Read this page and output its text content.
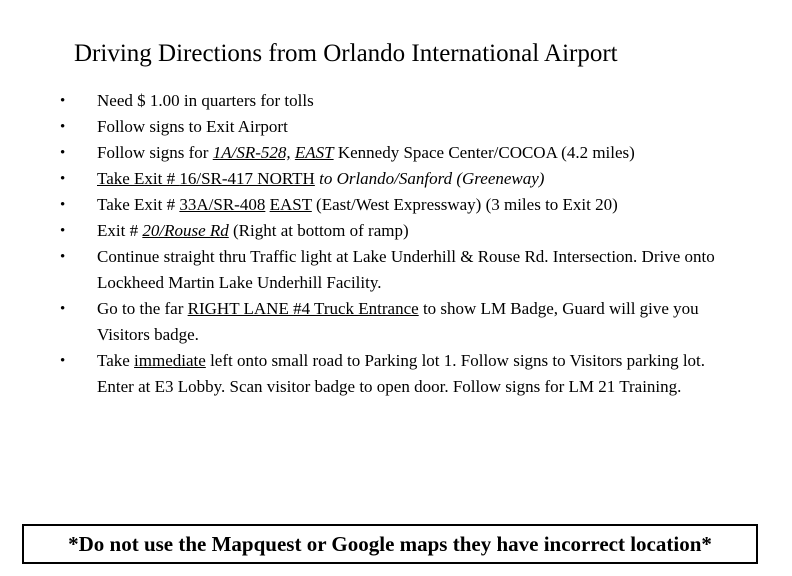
Driving Directions from Orlando International Airport
•	Need $ 1.00 in quarters for tolls
•	Follow signs to Exit Airport
•	Follow signs for 1A/SR-528, EAST Kennedy Space Center/COCOA (4.2 miles)
•	Take Exit # 16/SR-417 NORTH to Orlando/Sanford (Greeneway)
•	Take Exit # 33A/SR-408 EAST (East/West Expressway) (3 miles to Exit 20)
•	Exit # 20/Rouse Rd (Right at bottom of ramp)
•	Continue straight thru Traffic light at Lake Underhill & Rouse Rd. Intersection. Drive onto Lockheed Martin Lake Underhill Facility.
•	Go to the far RIGHT LANE #4 Truck Entrance to show LM Badge, Guard will give you Visitors badge.
•	Take immediate left onto small road to Parking lot 1. Follow signs to Visitors parking lot. Enter at E3 Lobby. Scan visitor badge to open door. Follow signs for LM 21 Training.
*Do not use the Mapquest or Google maps they have incorrect location*
